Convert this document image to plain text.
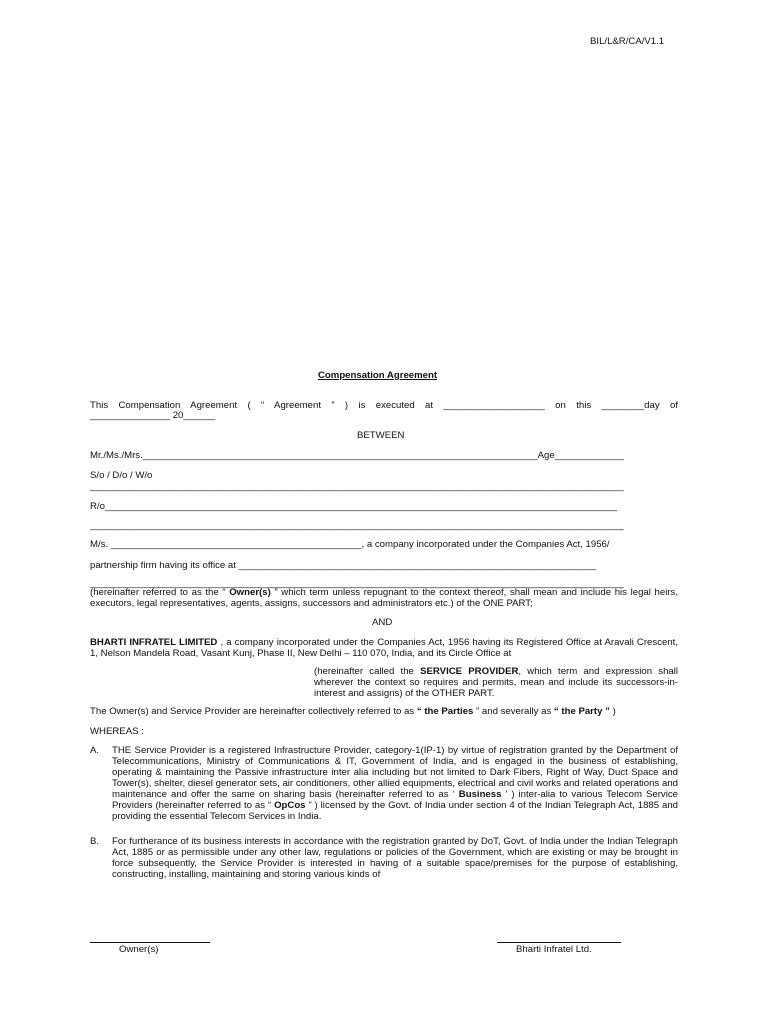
BIL/L&R/CA/V1.1
Compensation Agreement
This Compensation Agreement ( “ Agreement ” ) is executed at ___________________ on this ________day of
_______________ 20______
BETWEEN
Mr./Ms./Mrs.__________________________________________________________________________Age_____________
S/o / D/o / W/o
____________________________________________________________________________________________________
R/o________________________________________________________________________________________________
____________________________________________________________________________________________________
M/s. _______________________________________________, a company incorporated under the Companies Act, 1956/
partnership firm having its office at ___________________________________________________________________
____________________________________________________________________________________________________
(hereinafter referred to as the “ Owner(s) ” which term unless repugnant to the context thereof, shall mean and include his legal heirs, executors, legal representatives, agents, assigns, successors and administrators etc.) of the ONE PART;
AND
BHARTI INFRATEL LIMITED , a company incorporated under the Companies Act, 1956 having its Registered Office at Aravali Crescent, 1, Nelson Mandela Road, Vasant Kunj, Phase II, New Delhi – 110 070, India, and its Circle Office at
(hereinafter called the SERVICE PROVIDER, which term and expression shall wherever the context so requires and permits, mean and include its successors-in-interest and assigns) of the OTHER PART.
The Owner(s) and Service Provider are hereinafter collectively referred to as “ the Parties ” and severally as “ the Party ” )
WHEREAS :
A. THE Service Provider is a registered Infrastructure Provider, category-1(IP-1) by virtue of registration granted by the Department of Telecommunications, Ministry of Communications & IT, Government of India, and is engaged in the business of establishing, operating & maintaining the Passive infrastructure inter alia including but not limited to Dark Fibers, Right of Way, Duct Space and Tower(s), shelter, diesel generator sets, air conditioners, other allied equipments, electrical and civil works and related operations and maintenance and offer the same on sharing basis (hereinafter referred to as ‘ Business ’ ) inter-alia to various Telecom Service Providers (hereinafter referred to as “ OpCos ” ) licensed by the Govt. of India under section 4 of the Indian Telegraph Act, 1885 and providing the essential Telecom Services in India.
B. For furtherance of its business interests in accordance with the registration granted by DoT, Govt. of India under the Indian Telegraph Act, 1885 or as permissible under any other law, regulations or policies of the Government, which are existing or may be brought in force subsequently, the Service Provider is interested in having of a suitable space/premises for the purpose of establishing, constructing, installing, maintaining and storing various kinds of
Owner(s)	Bharti Infratel Ltd.
